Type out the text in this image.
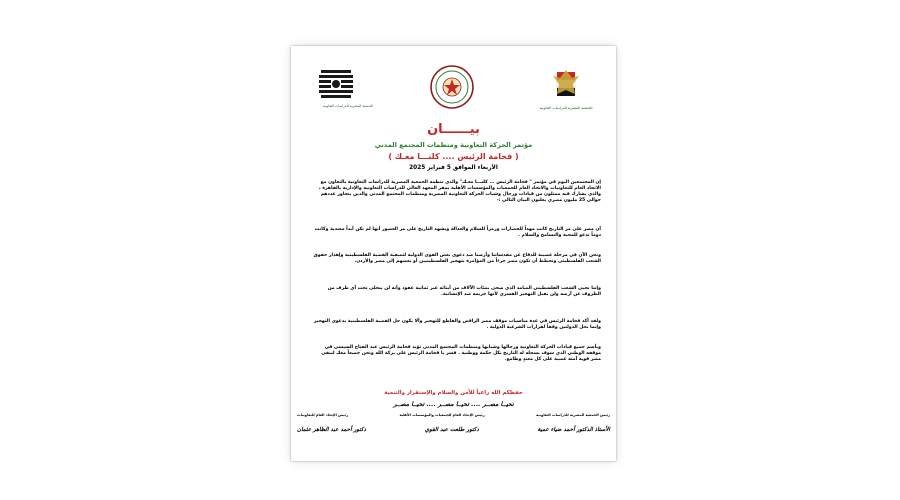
الجمعية المصرية للدراسات التعاونية	الجمعية المصرية للدراسات التعاونية
بيــــــان
مؤتمر الحركة التعاونية ومنظمات المجتمع المدني
( فخامة الرئيس .... كلنـــا معـك )
الأربعاء الموافق 5 فبراير 2025
إن المجتمعين اليوم في مؤتمر " فخامة الرئيس ... كلنـــا معـك" والذي تنظمه الجمعية المصرية للدراسات التعاونية بالتعاون مع الاتحاد العام للتعاونيات والاتحاد العام للجمعيات والمؤسسات الأهلية بمقر المعهد العالي للدراسات التعاونية والإدارية بالقاهرة ، والذي يشارك فيه ممثلون من قيادات ورجال وشباب الحركة التعاونية المصرية ومنظمات المجتمع المدني والذين يتجاوز عددهم حوالي 25 مليون مصري يعلنون البيان التالي :-
أن مصر على مر التاريخ كانت مهداً للحضارات ورمزاً للسلام والعدالة ويشهد التاريخ على مر العصور أنها لم تكن أبداً معتدية وكانت دوماً تدعو للمحبة والتسامح والسلام .
ونحن الآن في مرحلة عصيبة للدفاع عن مقدساتنا وأرضنا ضد دعوى بعض القوى الدولية لتصفية القضية الفلسطينية وإهدار حقوق الشعب الفلسطيني وتخطط أن تكون مصر جزءاً من المؤامرة بتهجير الفلسطينيين أو بعضهم إلى مصر والأردن.
وإننا نحيي الشعب الفلسطيني الصامد الذي ضحى بمئات الآلاف من أبنائه عبر ثمانية عقود وأنه لن يتخلى تحت أي ظرف من الظروف عن أرضه ولن يقبل التهجير القسري لأنها جريمة ضد الإنسانية.
ولقد أكد فخامة الرئيس في عدة مناسبات موقف مصر الرافض والقاطع للتهجير وألا يكون حل القضية الفلسطينية بدعوى التهجير وإنما بحل الدولتين وفقاً لقرارات الشرعية الدولية .
ويأسم جميع قيادات الحركة التعاونية ورجالها وشبابها ومنظمات المجتمع المدني نؤيد فخامة الرئيس عبد الفتاح السيسي في موقفه الوطني الذي سوف يسجله له التاريخ بكل حكمة ووطنية . فسر يا فخامة الرئيس على بركة الله ونحن جميعاً معك لتبقى مصر قوية آمنة عصية على كل معتدٍ وطامع.
حفظكم الله راعياً للأمن والسلام والإستقرار والتنمية
تحيــا مصــر .... تحيــا مصــر .... تحيــا مصــر
رئيس الإتحاد العام للتعاونيات	رئيس الإتحاد العام للجمعيات والمؤسسات الأهلية	رئيس الجمعية المصرية للدراسات التعاونية
دكتور أحمد عبد الظاهر عثمان	دكتور طلعت عبد القوي	الأستاذ الدكتور أحمد ضياء عمية
